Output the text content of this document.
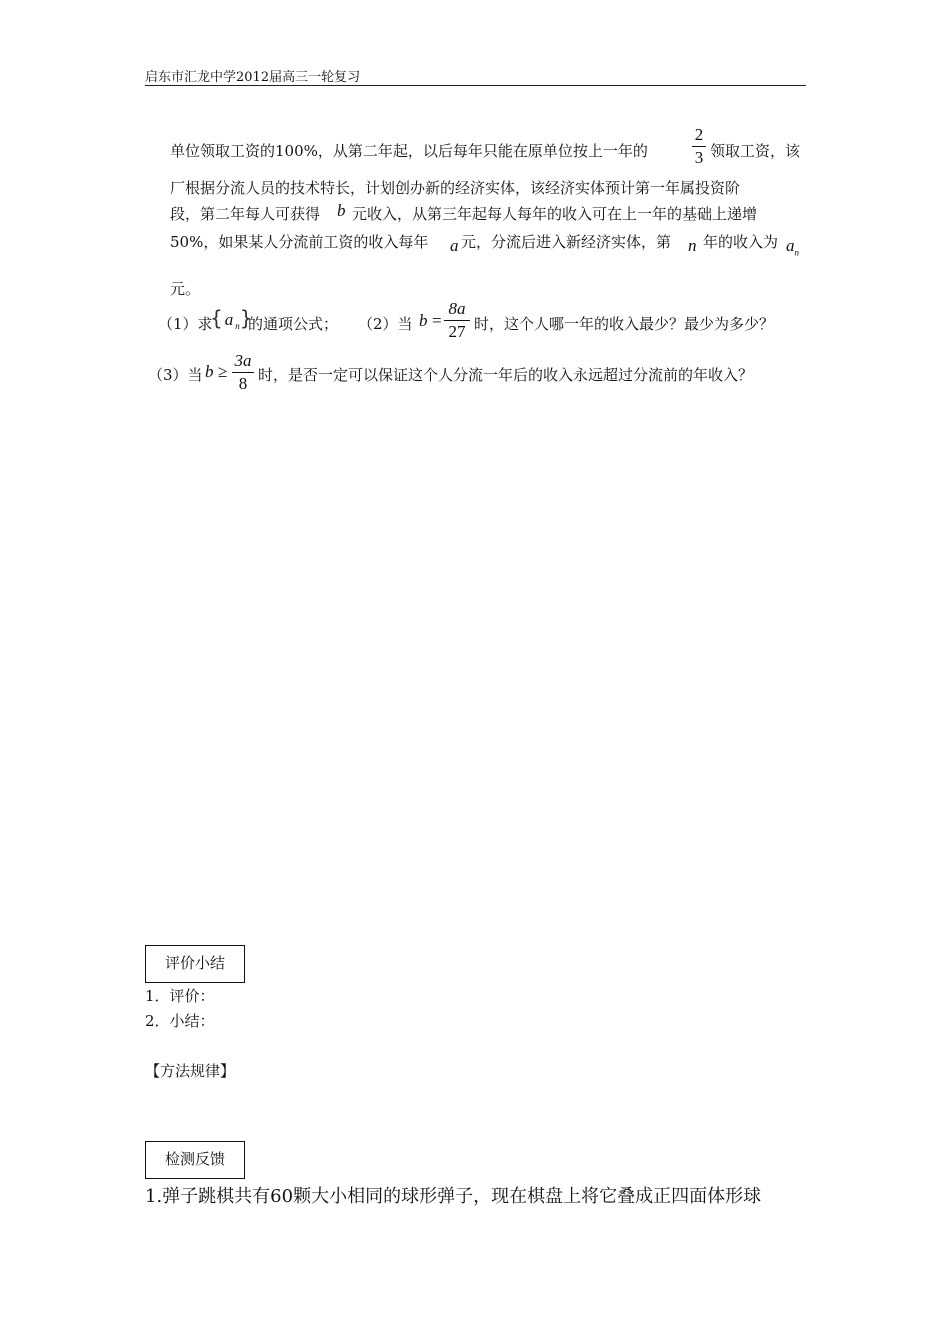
启东市汇龙中学2012届高三一轮复习
单位领取工资的100%，从第二年起，以后每年只能在原单位按上一年的
2
3 领取工资，该
厂根据分流人员的技术特长，计划创办新的经济实体，该经济实体预计第一年属投资阶
段，第二年每人可获得 b 元收入，从第三年起每人每年的收入可在上一年的基础上递增
50%，如果某人分流前工资的收入每年 a 元，分流后进入新经济实体，第 n 年的收入为 $a_n$
元。
（1）求
{ a $_n$}
的通项公式； （2）当 b =
8a
27 时，这个人哪一年的收入最少？最少为多少？
（3）当 b ≥
3a
8 时，是否一定可以保证这个人分流一年后的收入永远超过分流前的年收入？
评价小结
1．评价：
2．小结：
【方法规律】
检测反馈
1.弹子跳棋共有60颗大小相同的球形弹子，现在棋盘上将它叠成正四面体形球
